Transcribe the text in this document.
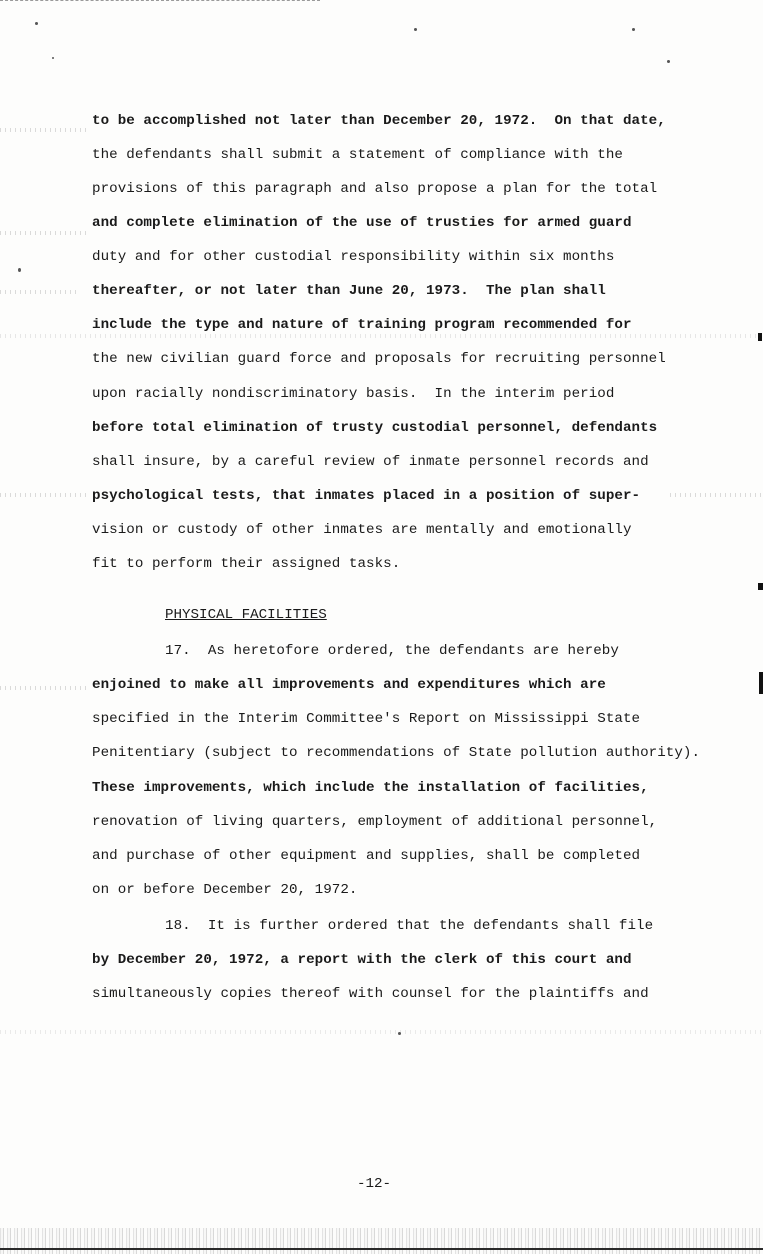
to be accomplished not later than December 20, 1972.  On that date,
the defendants shall submit a statement of compliance with the
provisions of this paragraph and also propose a plan for the total
and complete elimination of the use of trusties for armed guard
duty and for other custodial responsibility within six months
thereafter, or not later than June 20, 1973.  The plan shall
include the type and nature of training program recommended for
the new civilian guard force and proposals for recruiting personnel
upon racially nondiscriminatory basis.  In the interim period
before total elimination of trusty custodial personnel, defendants
shall insure, by a careful review of inmate personnel records and
psychological tests, that inmates placed in a position of super-
vision or custody of other inmates are mentally and emotionally
fit to perform their assigned tasks.
PHYSICAL FACILITIES
17.  As heretofore ordered, the defendants are hereby
enjoined to make all improvements and expenditures which are
specified in the Interim Committee's Report on Mississippi State
Penitentiary (subject to recommendations of State pollution authority).
These improvements, which include the installation of facilities,
renovation of living quarters, employment of additional personnel,
and purchase of other equipment and supplies, shall be completed
on or before December 20, 1972.
18.  It is further ordered that the defendants shall file
by December 20, 1972, a report with the clerk of this court and
simultaneously copies thereof with counsel for the plaintiffs and
-12-
